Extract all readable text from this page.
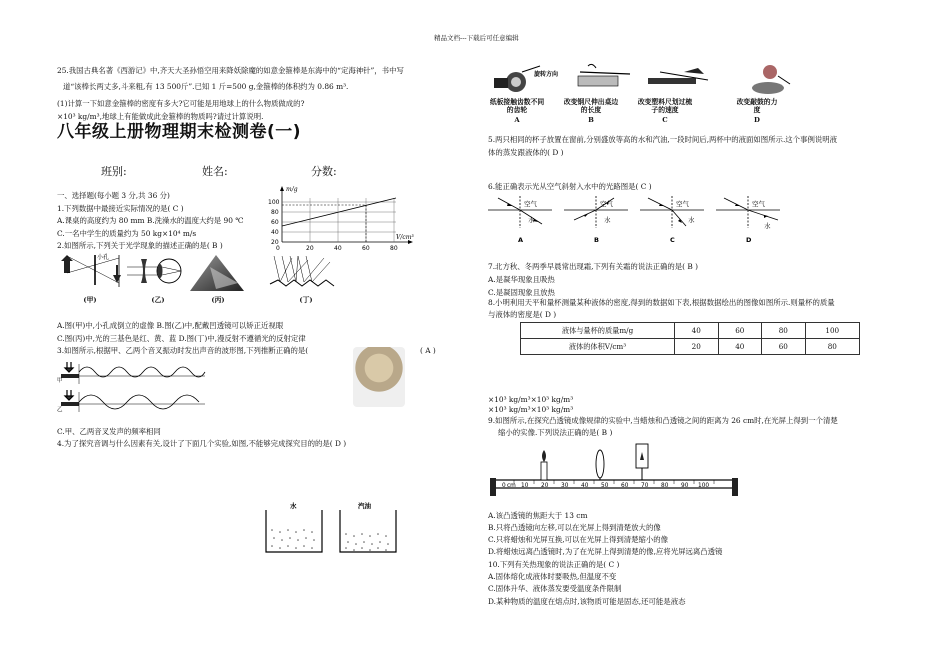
精品文档---下载后可任意编辑
25.我国古典名著《西游记》中,齐天大圣孙悟空用来降妖除魔的如意金箍棒是东海中的“定海神针”，书中写
道“该棒长两丈多,斗来粗,有 13 500斤”.已知 1 斤=500 g,金箍棒的体积约为 0.86 m³.
(1)计算一下如意金箍棒的密度有多大?它可能是用地球上的什么物质做成的?
×10³ kg/m³,地球上有能做成此金箍棒的物质吗?请过计算说明.
八年级上册物理期末检测卷(一)
班别:	姓名:	分数:
一、选择题(每小题 3 分,共 36 分)
1.下列数据中最接近实际情况的是( C )
A.课桌的高度约为 80 mm B.洗澡水的温度大约是 90 ℃
C.一名中学生的质量约为 50 kg×10⁴ m/s
2.如图所示,下列关于光学现象的描述正确的是( B )
m/g
V/cm³
100
80
60
40
20
0	20	40	60	80
小孔
(甲)	(乙)	(丙)	(丁)
A.图(甲)中,小孔成倒立的虚像 B.图(乙)中,配戴凹透镜可以矫正近视眼
C.图(丙)中,光的三基色是红、黄、蓝 D.图(丁)中,漫反射不遵循光的反射定律
3.如图所示,根据甲、乙两个音叉振动时发出声音的波形图,下列推断正确的是(	( A )
甲
乙
C.甲、乙两音叉发声的频率相同
4.为了探究音调与什么因素有关,设计了下面几个实验,如图,不能够完成探究目的的是( D )
水	汽油
旋转方向
纸板接触齿数不同的齿轮
改变钢尺伸出桌边的长度
改变塑料尺划过梳子的速度
改变敲鼓的力度
A	B	C	D
5.两只相同的杯子放置在窗前,分别盛放等高的水和汽油,一段时间后,两杯中的液面如图所示.这个事例说明液
体的蒸发跟液体的( D )
6.能正确表示光从空气斜射入水中的光路图是( C )
空气
水
空气
水
空气
水
空气
水
A	B	C	D
7.北方秋、冬两季早晨常出现霜,下列有关霜的说法正确的是( B )
A.是凝华现象且吸热
C.是凝固现象且放热
8.小明利用天平和量杯测量某种液体的密度,得到的数据如下表,根据数据绘出的图像如图所示.则量杯的质量
与液体的密度是( D )
液体与量杯的质量m/g	40	60	80	100
液体的体积V/cm³	20	40	60	80
×10³ kg/m³×10³ kg/m³
×10³ kg/m³×10³ kg/m³
9.如图所示,在探究凸透镜成像规律的实验中,当蜡烛和凸透镜之间的距离为 26 cm时,在光屏上得到一个清楚
缩小的实像.下列说法正确的是( B )
0 cm 10 20 30 40 50 60 70 80 90 100
A.该凸透镜的焦距大于 13 cm
B.只将凸透镜向左移,可以在光屏上得到清楚放大的像
C.只将蜡烛和光屏互换,可以在光屏上得到清楚缩小的像
D.将蜡烛远离凸透镜时,为了在光屏上得到清楚的像,应将光屏远离凸透镜
10.下列有关热现象的说法正确的是( C )
A.固体熔化成液体时要吸热,但温度不变
C.固体升华、液体蒸发要受温度条件限制
D.某种物质的温度在熔点时,该物质可能是固态,还可能是液态
